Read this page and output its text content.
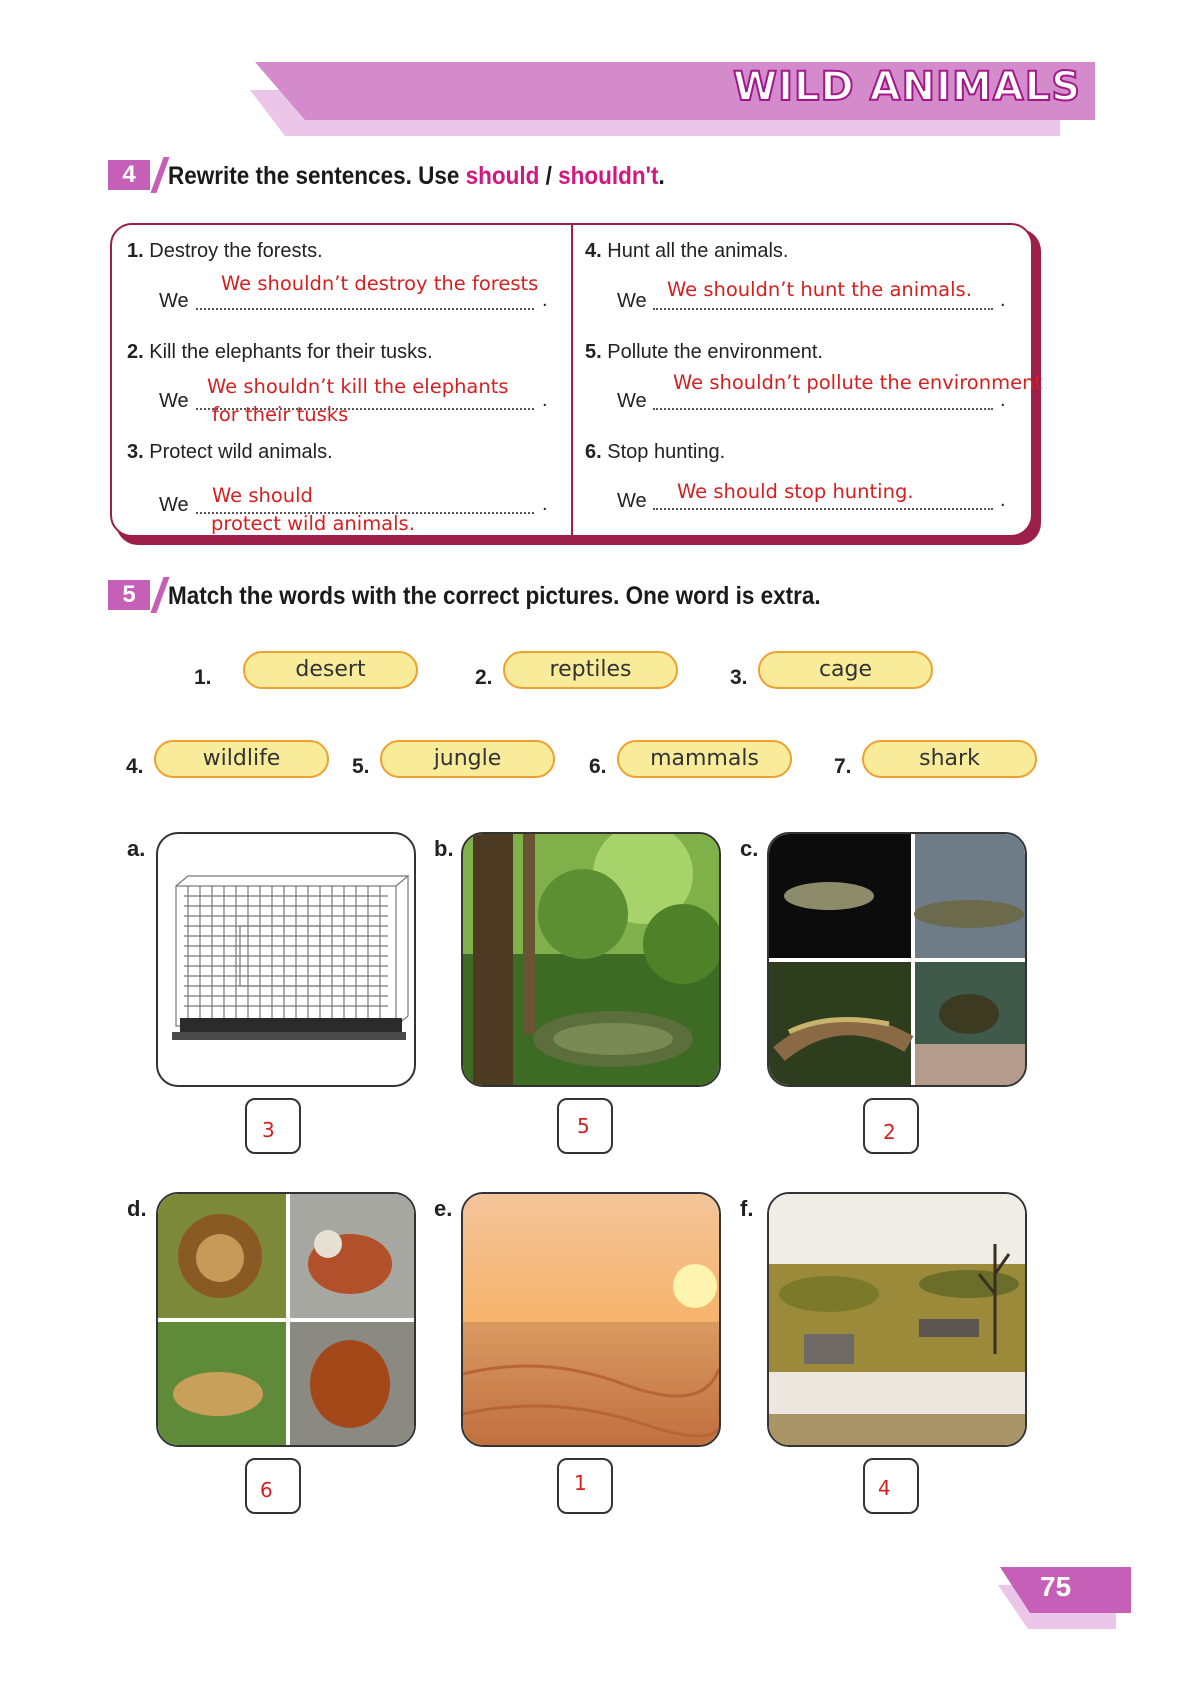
WILD ANIMALS
4	Rewrite the sentences. Use should / shouldn't.
1. Destroy the forests.
We	.
We shouldn’t destroy the forests
2. Kill the elephants for their tusks.
We	.
We shouldn’t kill the elephants
for their tusks
3. Protect wild animals.
We	.
We should
protect wild animals.
4. Hunt all the animals.
We	.
We shouldn’t hunt the animals.
5. Pollute the environment.
We	.
We shouldn’t pollute the environment
6. Stop hunting.
We	.
We should stop hunting.
5	Match the words with the correct pictures. One word is extra.
1.	desert	2.	reptiles	3.	cage
4.	wildlife	5.	jungle	6.	mammals	7.	shark
a.
3
b.
5
c.
2
d.
6
e.
1
f.
4
75
